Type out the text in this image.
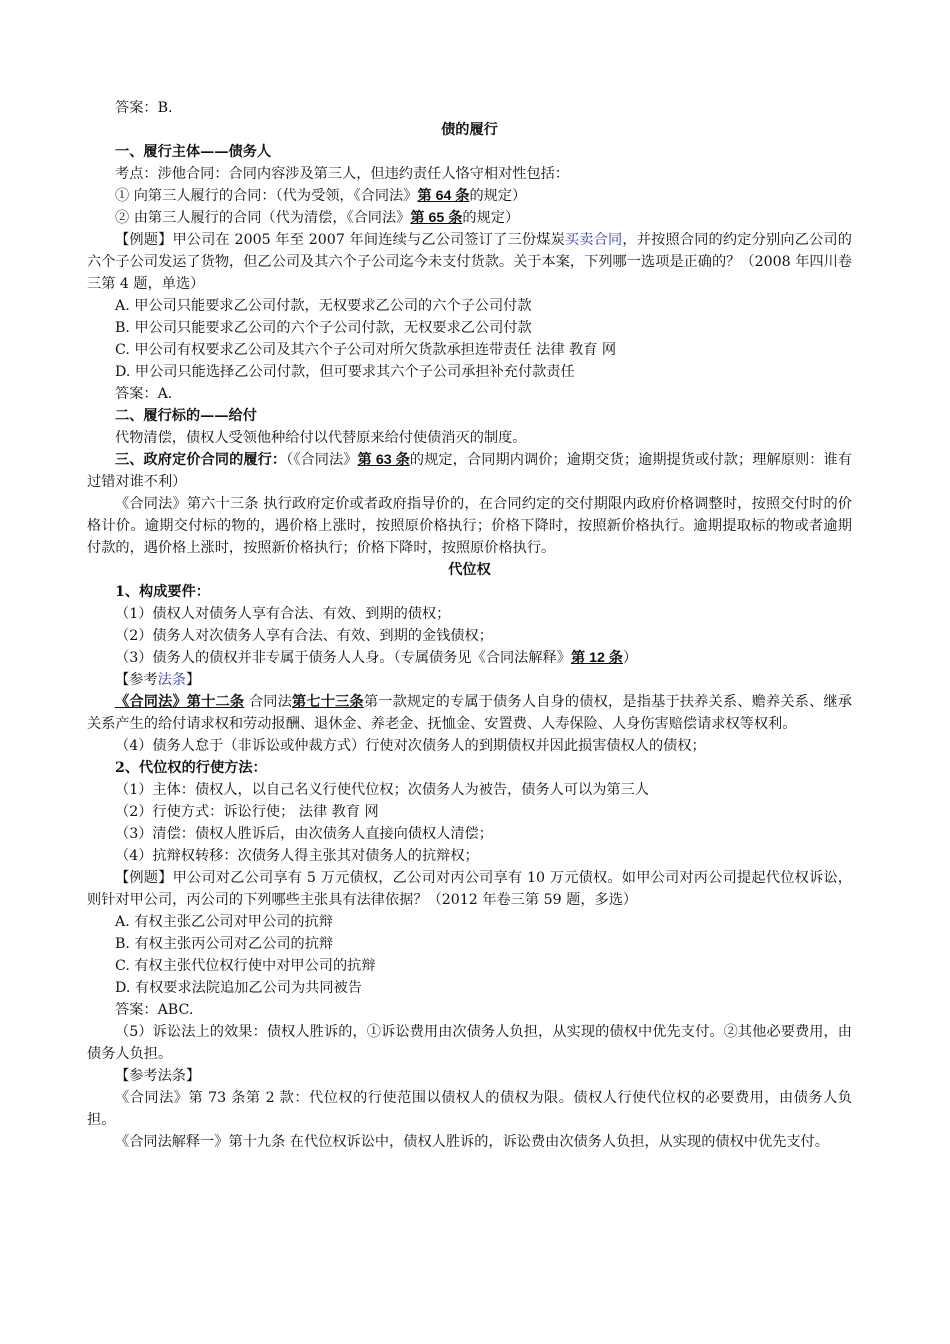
答案：B.

债的履行

一、履行主体——债务人

考点：涉他合同：合同内容涉及第三人，但违约责任人恪守相对性包括：

① 向第三人履行的合同：（代为受领，《合同法》第 64 条的规定）

② 由第三人履行的合同（代为清偿，《合同法》第 65 条的规定）

【例题】甲公司在 2005 年至 2007 年间连续与乙公司签订了三份煤炭买卖合同，并按照合同的约定分别向乙公司的六个子公司发运了货物，但乙公司及其六个子公司迄今未支付货款。关于本案，下列哪一选项是正确的？（2008 年四川卷三第 4 题，单选）

A. 甲公司只能要求乙公司付款，无权要求乙公司的六个子公司付款

B. 甲公司只能要求乙公司的六个子公司付款，无权要求乙公司付款

C. 甲公司有权要求乙公司及其六个子公司对所欠货款承担连带责任 法律 教育 网

D. 甲公司只能选择乙公司付款，但可要求其六个子公司承担补充付款责任

答案：A.

二、履行标的——给付

代物清偿，债权人受领他种给付以代替原来给付使债消灭的制度。

三、政府定价合同的履行：（《合同法》第 63 条的规定，合同期内调价；逾期交货；逾期提货或付款；理解原则：谁有过错对谁不利）

《合同法》第六十三条 执行政府定价或者政府指导价的，在合同约定的交付期限内政府价格调整时，按照交付时的价格计价。逾期交付标的物的，遇价格上涨时，按照原价格执行；价格下降时，按照新价格执行。逾期提取标的物或者逾期付款的，遇价格上涨时，按照新价格执行；价格下降时，按照原价格执行。

代位权

1、构成要件：

（1）债权人对债务人享有合法、有效、到期的债权；

（2）债务人对次债务人享有合法、有效、到期的金钱债权；

（3）债务人的债权并非专属于债务人人身。（专属债务见《合同法解释》第 12 条）

【参考法条】

《合同法》第十二条 合同法第七十三条第一款规定的专属于债务人自身的债权，是指基于扶养关系、赡养关系、继承关系产生的给付请求权和劳动报酬、退休金、养老金、抚恤金、安置费、人寿保险、人身伤害赔偿请求权等权利。

（4）债务人怠于（非诉讼或仲裁方式）行使对次债务人的到期债权并因此损害债权人的债权；

2、代位权的行使方法：

（1）主体：债权人，以自己名义行使代位权；次债务人为被告，债务人可以为第三人

（2）行使方式：诉讼行使； 法律 教育 网

（3）清偿：债权人胜诉后，由次债务人直接向债权人清偿；

（4）抗辩权转移：次债务人得主张其对债务人的抗辩权；

【例题】甲公司对乙公司享有 5 万元债权，乙公司对丙公司享有 10 万元债权。如甲公司对丙公司提起代位权诉讼，则针对甲公司，丙公司的下列哪些主张具有法律依据？（2012 年卷三第 59 题，多选）

A. 有权主张乙公司对甲公司的抗辩

B. 有权主张丙公司对乙公司的抗辩

C. 有权主张代位权行使中对甲公司的抗辩

D. 有权要求法院追加乙公司为共同被告

答案：ABC.

（5）诉讼法上的效果：债权人胜诉的，①诉讼费用由次债务人负担，从实现的债权中优先支付。②其他必要费用，由债务人负担。

【参考法条】

《合同法》第 73 条第 2 款：代位权的行使范围以债权人的债权为限。债权人行使代位权的必要费用，由债务人负担。

《合同法解释一》第十九条 在代位权诉讼中，债权人胜诉的，诉讼费由次债务人负担，从实现的债权中优先支付。
